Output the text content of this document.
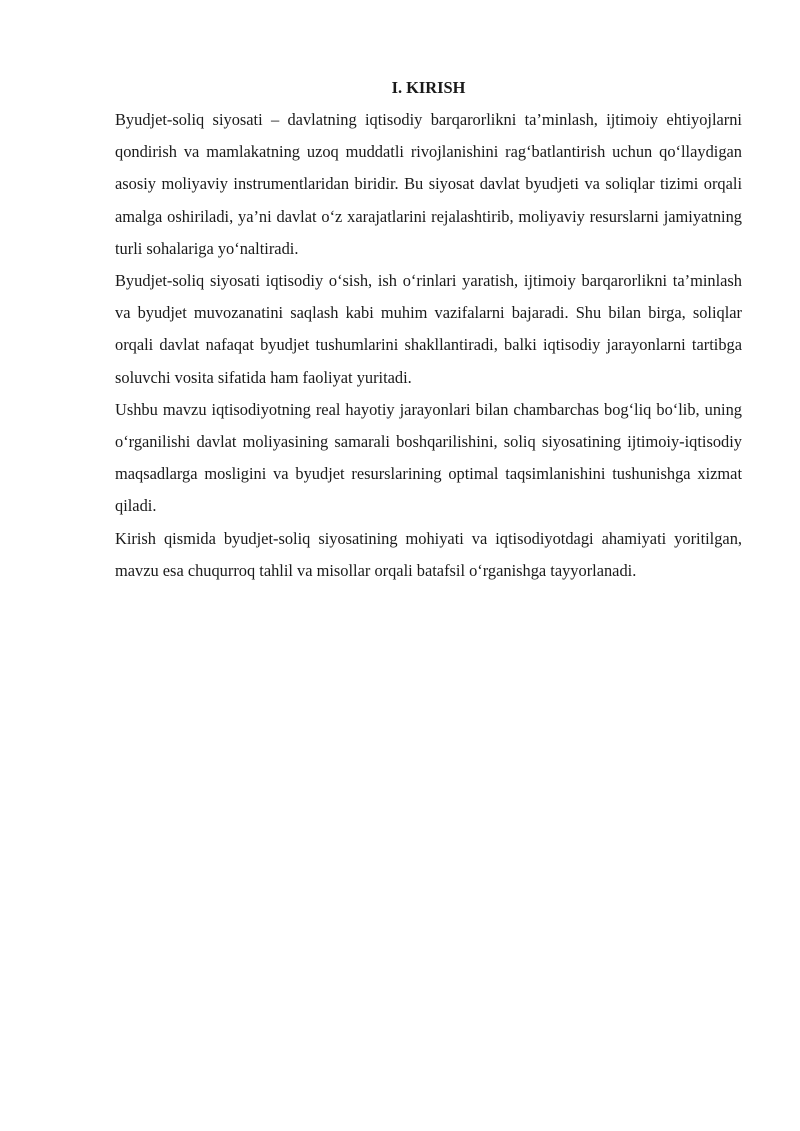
I. KIRISH

Byudjet-soliq siyosati – davlatning iqtisodiy barqarorlikni ta’minlash, ijtimoiy ehtiyojlarni qondirish va mamlakatning uzoq muddatli rivojlanishini rag‘batlantirish uchun qo‘llaydigan asosiy moliyaviy instrumentlaridan biridir. Bu siyosat davlat byudjeti va soliqlar tizimi orqali amalga oshiriladi, ya’ni davlat o‘z xarajatlarini rejalashtirib, moliyaviy resurslarni jamiyatning turli sohalariga yo‘naltiradi.

Byudjet-soliq siyosati iqtisodiy o‘sish, ish o‘rinlari yaratish, ijtimoiy barqarorlikni ta’minlash va byudjet muvozanatini saqlash kabi muhim vazifalarni bajaradi. Shu bilan birga, soliqlar orqali davlat nafaqat byudjet tushumlarini shakllantiradi, balki iqtisodiy jarayonlarni tartibga soluvchi vosita sifatida ham faoliyat yuritadi.

Ushbu mavzu iqtisodiyotning real hayotiy jarayonlari bilan chambarchas bog‘liq bo‘lib, uning o‘rganilishi davlat moliyasining samarali boshqarilishini, soliq siyosatining ijtimoiy-iqtisodiy maqsadlarga mosligini va byudjet resurslarining optimal taqsimlanishini tushunishga xizmat qiladi.

Kirish qismida byudjet-soliq siyosatining mohiyati va iqtisodiyotdagi ahamiyati yoritilgan, mavzu esa chuqurroq tahlil va misollar orqali batafsil o‘rganishga tayyorlanadi.
